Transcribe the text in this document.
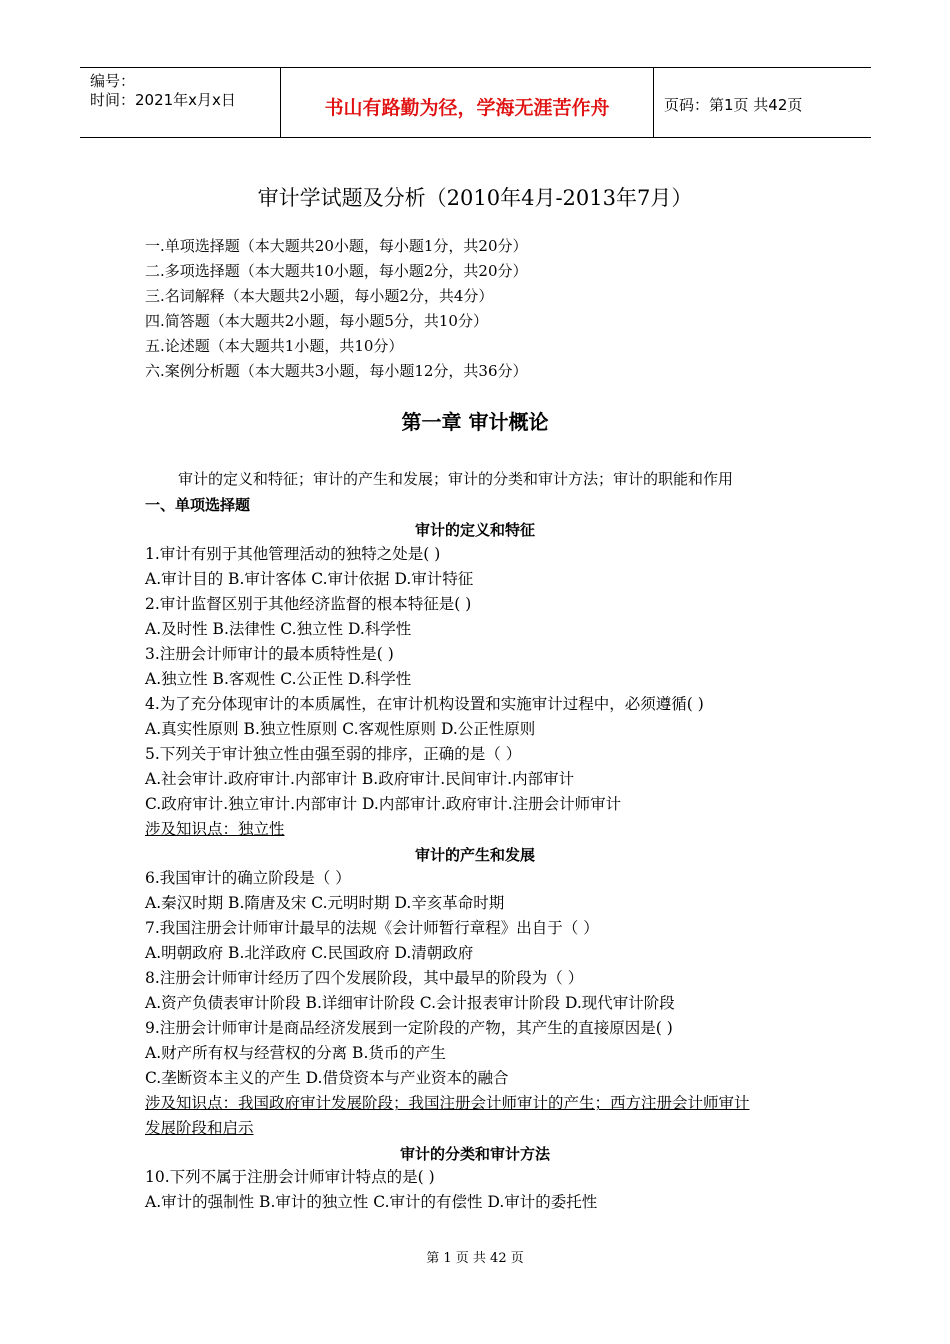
编号：
时间：2021年x月x日	书山有路勤为径，学海无涯苦作舟	页码：第1页 共42页
审计学试题及分析（2010年4月-2013年7月）
一.单项选择题（本大题共20小题，每小题1分，共20分）
二.多项选择题（本大题共10小题，每小题2分，共20分）
三.名词解释（本大题共2小题，每小题2分，共4分）
四.简答题（本大题共2小题，每小题5分，共10分）
五.论述题（本大题共1小题，共10分）
六.案例分析题（本大题共3小题，每小题12分，共36分）
第一章 审计概论
审计的定义和特征；审计的产生和发展；审计的分类和审计方法；审计的职能和作用
一、单项选择题
审计的定义和特征
1.审计有别于其他管理活动的独特之处是( )
A.审计目的 B.审计客体 C.审计依据 D.审计特征
2.审计监督区别于其他经济监督的根本特征是( )
A.及时性 B.法律性 C.独立性 D.科学性
3.注册会计师审计的最本质特性是( )
A.独立性 B.客观性 C.公正性 D.科学性
4.为了充分体现审计的本质属性，在审计机构设置和实施审计过程中，必须遵循( )
A.真实性原则 B.独立性原则 C.客观性原则 D.公正性原则
5.下列关于审计独立性由强至弱的排序，正确的是（ ）
A.社会审计.政府审计.内部审计 B.政府审计.民间审计.内部审计
C.政府审计.独立审计.内部审计 D.内部审计.政府审计.注册会计师审计
涉及知识点：独立性
审计的产生和发展
6.我国审计的确立阶段是（ ）
A.秦汉时期 B.隋唐及宋 C.元明时期 D.辛亥革命时期
7.我国注册会计师审计最早的法规《会计师暂行章程》出自于（ ）
A.明朝政府 B.北洋政府 C.民国政府 D.清朝政府
8.注册会计师审计经历了四个发展阶段，其中最早的阶段为（ ）
A.资产负债表审计阶段 B.详细审计阶段 C.会计报表审计阶段 D.现代审计阶段
9.注册会计师审计是商品经济发展到一定阶段的产物，其产生的直接原因是( )
A.财产所有权与经营权的分离 B.货币的产生
C.垄断资本主义的产生 D.借贷资本与产业资本的融合
涉及知识点：我国政府审计发展阶段；我国注册会计师审计的产生；西方注册会计师审计
发展阶段和启示
审计的分类和审计方法
10.下列不属于注册会计师审计特点的是( )
A.审计的强制性 B.审计的独立性 C.审计的有偿性 D.审计的委托性
第 1 页 共 42 页
